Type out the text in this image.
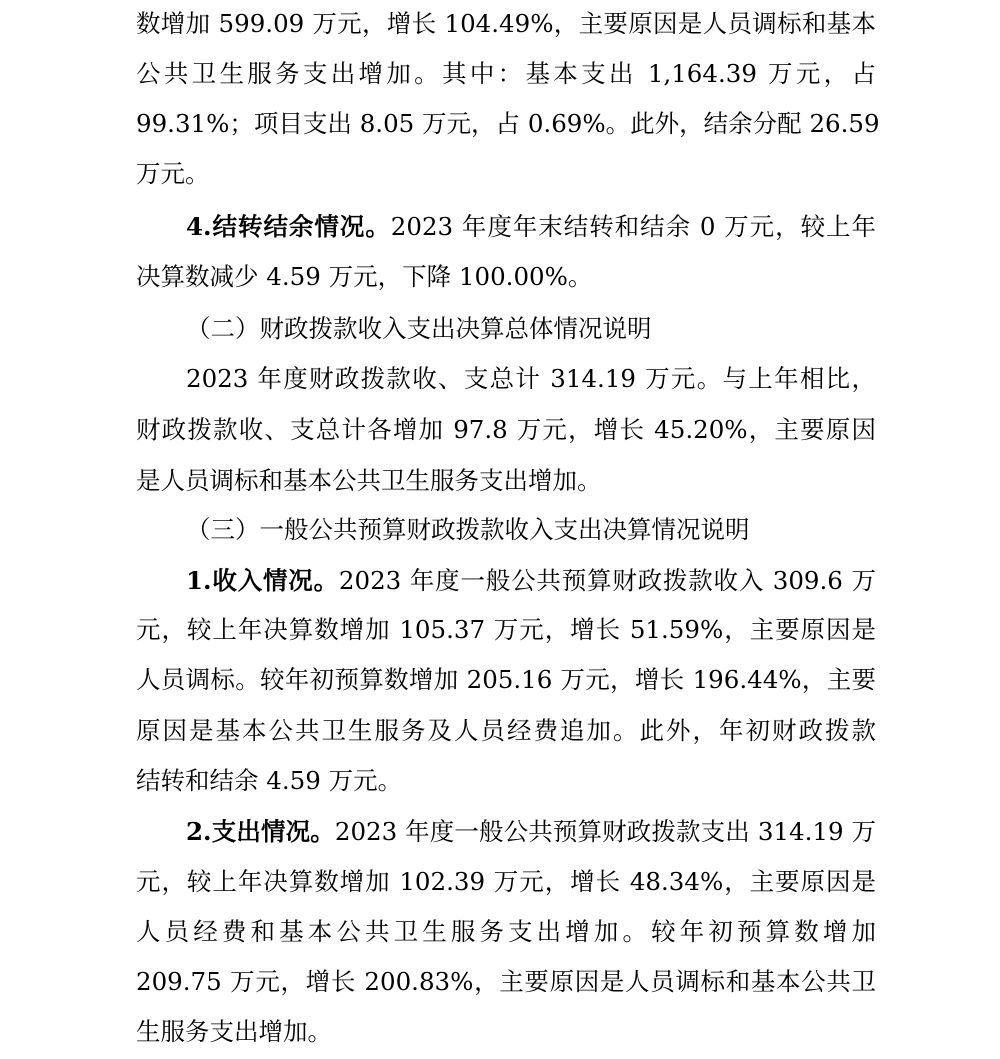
数增加 599.09 万元，增长 104.49%，主要原因是人员调标和基本
公共卫生服务支出增加。其中：基本支出 1,164.39 万元，占
99.31%；项目支出 8.05 万元，占 0.69%。此外，结余分配 26.59
万元。
4.结转结余情况。2023 年度年末结转和结余 0 万元，较上年
决算数减少 4.59 万元，下降 100.00%。
（二）财政拨款收入支出决算总体情况说明
2023 年度财政拨款收、支总计 314.19 万元。与上年相比，
财政拨款收、支总计各增加 97.8 万元，增长 45.20%，主要原因
是人员调标和基本公共卫生服务支出增加。
（三）一般公共预算财政拨款收入支出决算情况说明
1.收入情况。2023 年度一般公共预算财政拨款收入 309.6 万
元，较上年决算数增加 105.37 万元，增长 51.59%，主要原因是
人员调标。较年初预算数增加 205.16 万元，增长 196.44%，主要
原因是基本公共卫生服务及人员经费追加。此外，年初财政拨款
结转和结余 4.59 万元。
2.支出情况。2023 年度一般公共预算财政拨款支出 314.19 万
元，较上年决算数增加 102.39 万元，增长 48.34%，主要原因是
人员经费和基本公共卫生服务支出增加。较年初预算数增加
209.75 万元，增长 200.83%，主要原因是人员调标和基本公共卫
生服务支出增加。
